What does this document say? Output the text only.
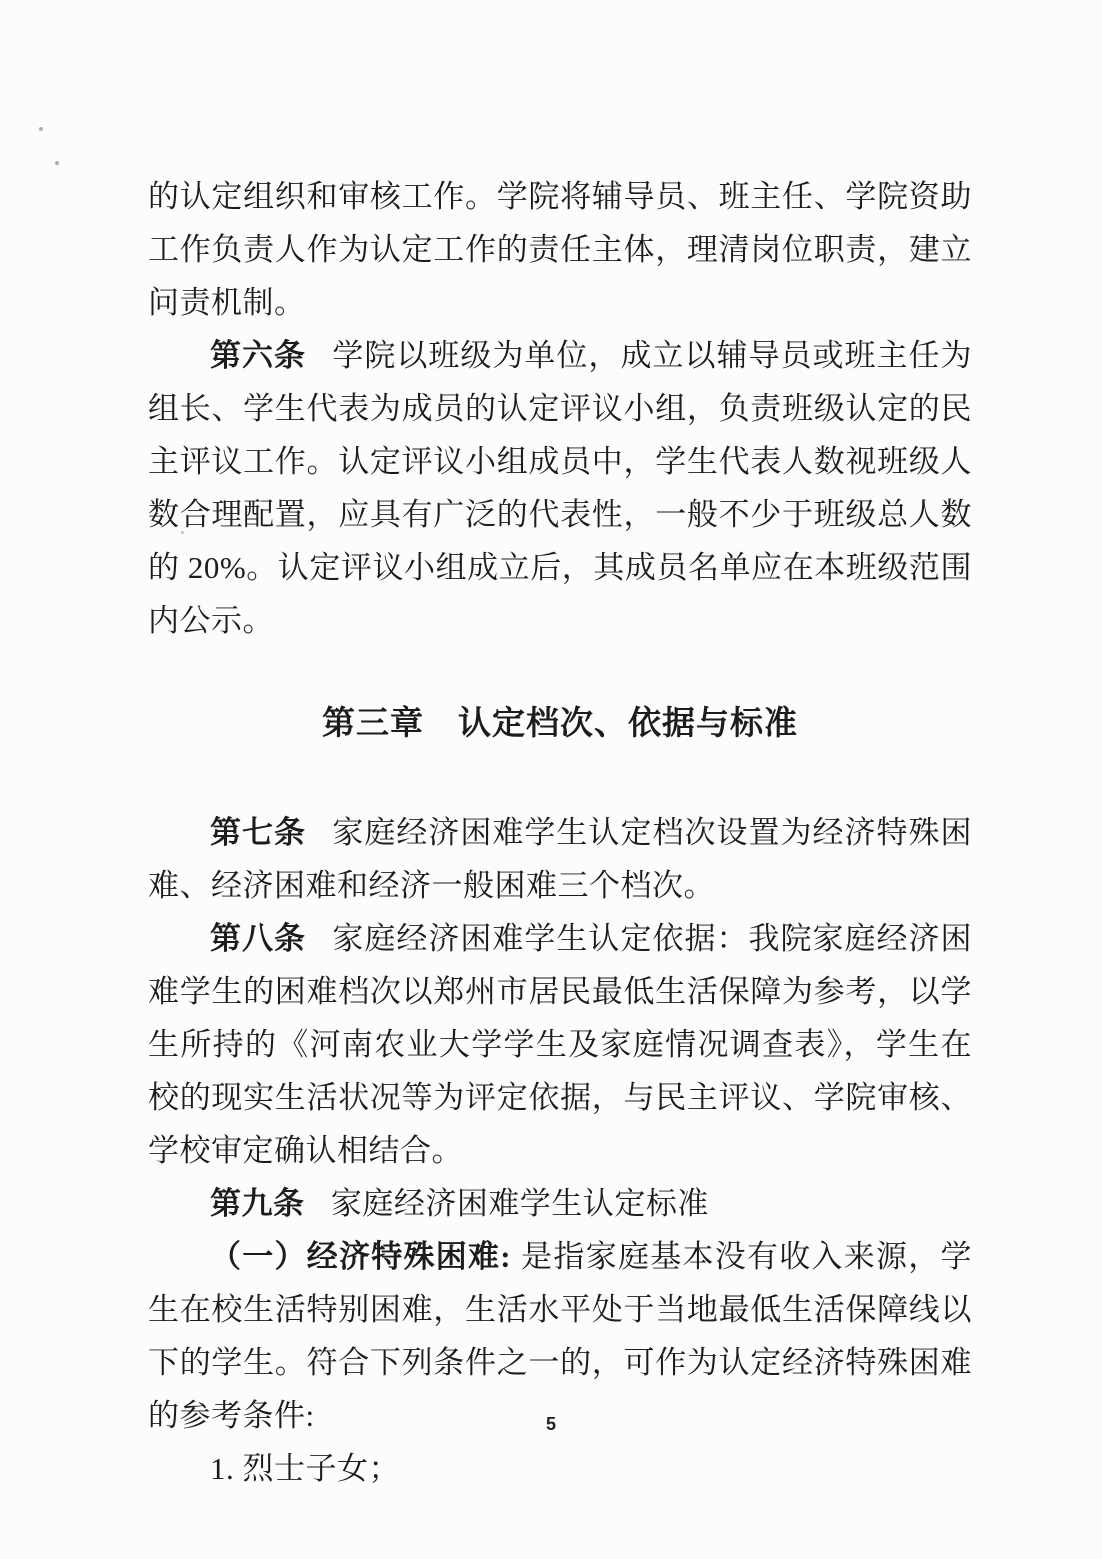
的认定组织和审核工作。学院将辅导员、班主任、学院资助工作负责人作为认定工作的责任主体，理清岗位职责，建立问责机制。

第六条 学院以班级为单位，成立以辅导员或班主任为组长、学生代表为成员的认定评议小组，负责班级认定的民主评议工作。认定评议小组成员中，学生代表人数视班级人数合理配置，应具有广泛的代表性，一般不少于班级总人数的 20%。认定评议小组成立后，其成员名单应在本班级范围内公示。

第三章　认定档次、依据与标准

第七条 家庭经济困难学生认定档次设置为经济特殊困难、经济困难和经济一般困难三个档次。

第八条 家庭经济困难学生认定依据：我院家庭经济困难学生的困难档次以郑州市居民最低生活保障为参考，以学生所持的《河南农业大学学生及家庭情况调查表》，学生在校的现实生活状况等为评定依据，与民主评议、学院审核、学校审定确认相结合。

第九条 家庭经济困难学生认定标准

（一）经济特殊困难: 是指家庭基本没有收入来源，学生在校生活特别困难，生活水平处于当地最低生活保障线以下的学生。符合下列条件之一的，可作为认定经济特殊困难的参考条件:

1. 烈士子女；

5
